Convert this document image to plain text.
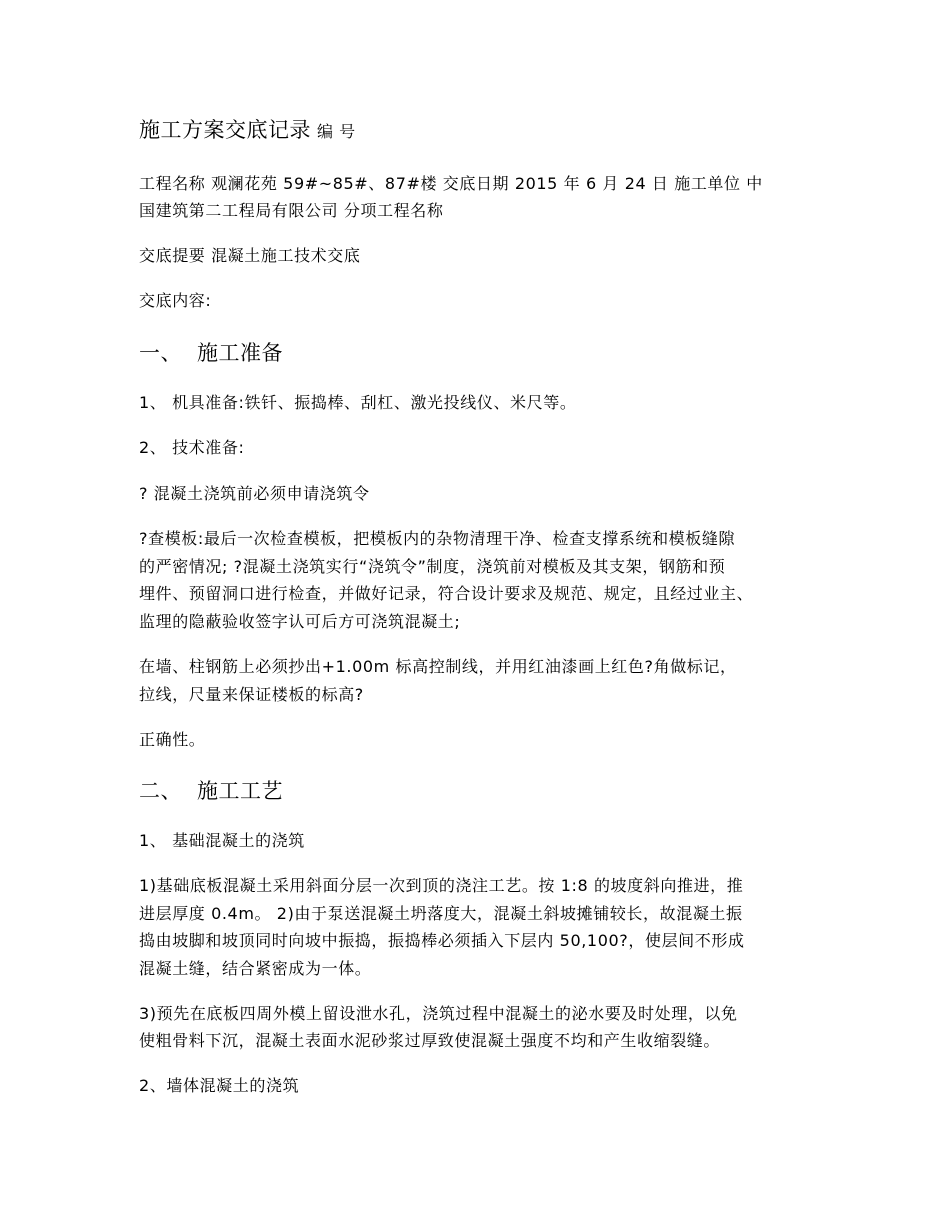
施工方案交底记录 编 号
工程名称 观澜花苑 59#~85#、87#楼 交底日期 2015 年 6 月 24 日 施工单位 中
国建筑第二工程局有限公司 分项工程名称
交底提要 混凝土施工技术交底
交底内容:
一、 施工准备
1、 机具准备:铁钎、振捣棒、刮杠、激光投线仪、米尺等。
2、 技术准备:
? 混凝土浇筑前必须申请浇筑令
?查模板:最后一次检查模板，把模板内的杂物清理干净、检查支撑系统和模板缝隙
的严密情况; ?混凝土浇筑实行“浇筑令”制度，浇筑前对模板及其支架，钢筋和预
埋件、预留洞口进行检查，并做好记录，符合设计要求及规范、规定，且经过业主、
监理的隐蔽验收签字认可后方可浇筑混凝土;
在墙、柱钢筋上必须抄出+1.00m 标高控制线，并用红油漆画上红色?角做标记，
拉线，尺量来保证楼板的标高?
正确性。
二、 施工工艺
1、 基础混凝土的浇筑
1)基础底板混凝土采用斜面分层一次到顶的浇注工艺。按 1:8 的坡度斜向推进，推
进层厚度 0.4m。 2)由于泵送混凝土坍落度大，混凝土斜坡摊铺较长，故混凝土振
捣由坡脚和坡顶同时向坡中振捣，振捣棒必须插入下层内 50,100?，使层间不形成
混凝土缝，结合紧密成为一体。
3)预先在底板四周外模上留设泄水孔，浇筑过程中混凝土的泌水要及时处理，以免
使粗骨料下沉，混凝土表面水泥砂浆过厚致使混凝土强度不均和产生收缩裂缝。
2、墙体混凝土的浇筑
